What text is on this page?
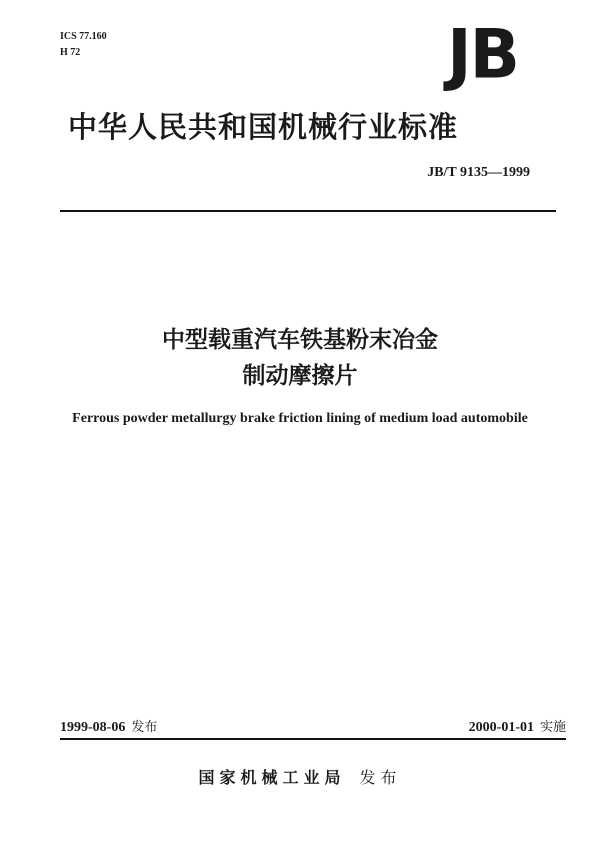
ICS 77.160
H 72	JB
中华人民共和国机械行业标准
JB/T 9135—1999
中型载重汽车铁基粉末冶金
制动摩擦片
Ferrous powder metallurgy brake friction lining of medium load automobile
1999-08-06 发布	2000-01-01 实施
国家机械工业局 发布
